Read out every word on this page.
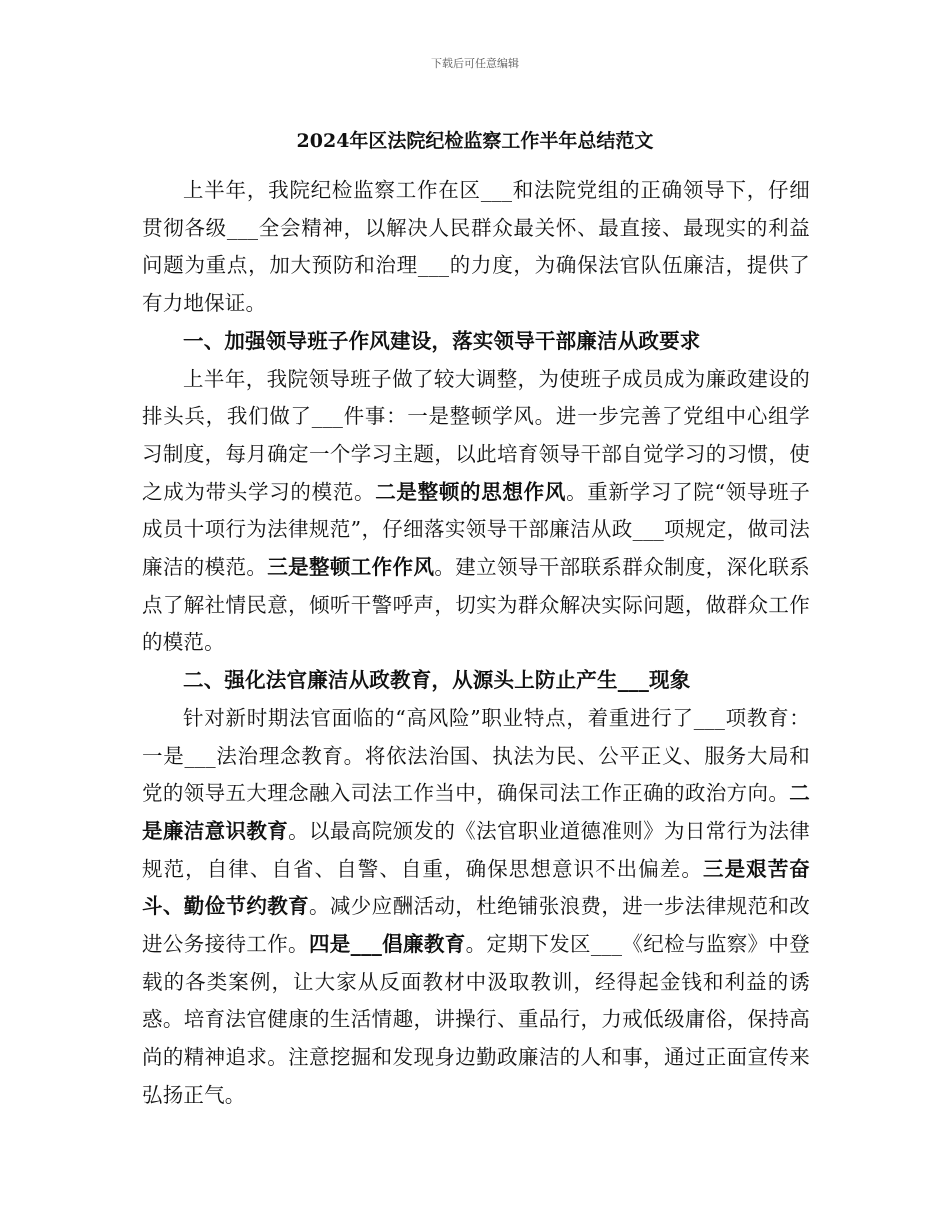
下载后可任意编辑
2024年区法院纪检监察工作半年总结范文

上半年，我院纪检监察工作在区___和法院党组的正确领导下，仔细贯彻各级___全会精神，以解决人民群众最关怀、最直接、最现实的利益问题为重点，加大预防和治理___的力度，为确保法官队伍廉洁，提供了有力地保证。

一、加强领导班子作风建设，落实领导干部廉洁从政要求

上半年，我院领导班子做了较大调整，为使班子成员成为廉政建设的排头兵，我们做了___件事：一是整顿学风。进一步完善了党组中心组学习制度，每月确定一个学习主题，以此培育领导干部自觉学习的习惯，使之成为带头学习的模范。二是整顿的思想作风。重新学习了院“领导班子成员十项行为法律规范”，仔细落实领导干部廉洁从政___项规定，做司法廉洁的模范。三是整顿工作作风。建立领导干部联系群众制度，深化联系点了解社情民意，倾听干警呼声，切实为群众解决实际问题，做群众工作的模范。

二、强化法官廉洁从政教育，从源头上防止产生___现象

针对新时期法官面临的“高风险”职业特点，着重进行了___项教育：一是___法治理念教育。将依法治国、执法为民、公平正义、服务大局和党的领导五大理念融入司法工作当中，确保司法工作正确的政治方向。二是廉洁意识教育。以最高院颁发的《法官职业道德准则》为日常行为法律规范，自律、自省、自警、自重，确保思想意识不出偏差。三是艰苦奋斗、勤俭节约教育。减少应酬活动，杜绝铺张浪费，进一步法律规范和改进公务接待工作。四是___倡廉教育。定期下发区___《纪检与监察》中登载的各类案例，让大家从反面教材中汲取教训，经得起金钱和利益的诱惑。培育法官健康的生活情趣，讲操行、重品行，力戒低级庸俗，保持高尚的精神追求。注意挖掘和发现身边勤政廉洁的人和事，通过正面宣传来弘扬正气。
